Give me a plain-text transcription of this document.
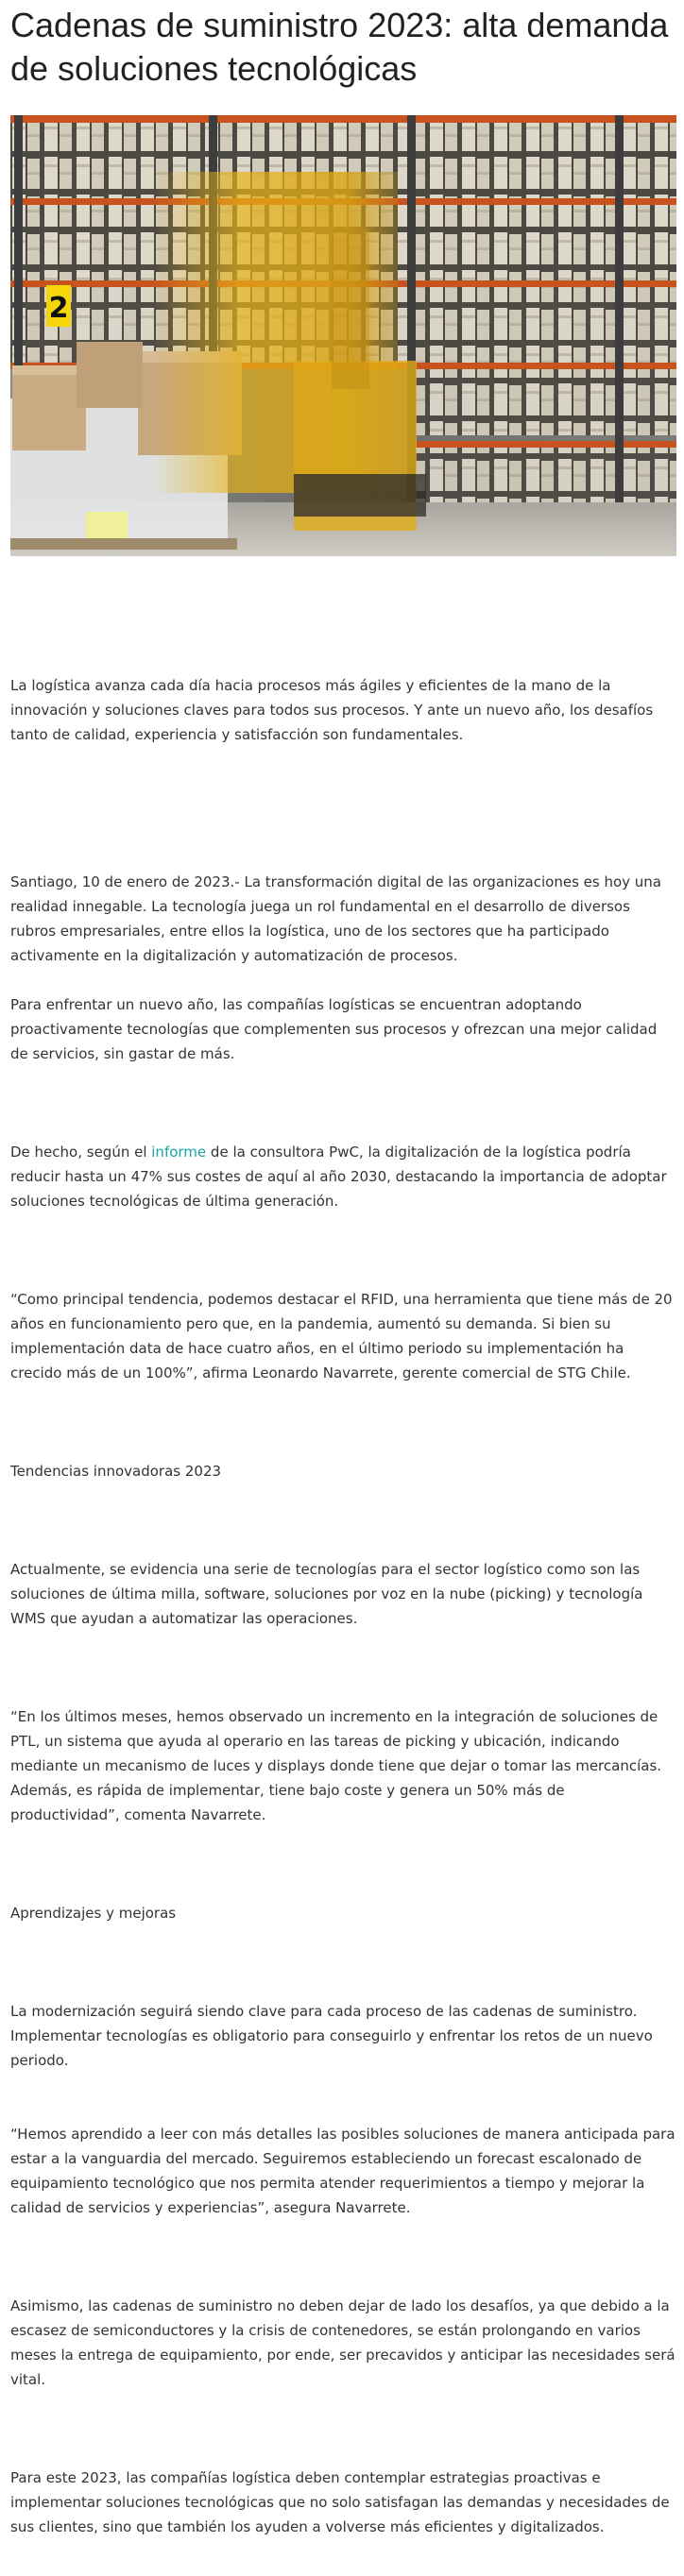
Cadenas de suministro 2023: alta demanda de soluciones tecnológicas
2

La logística avanza cada día hacia procesos más ágiles y eficientes de la mano de la innovación y soluciones claves para todos sus procesos. Y ante un nuevo año, los desafíos tanto de calidad, experiencia y satisfacción son fundamentales.

Santiago, 10 de enero de 2023.- La transformación digital de las organizaciones es hoy una realidad innegable. La tecnología juega un rol fundamental en el desarrollo de diversos rubros empresariales, entre ellos la logística, uno de los sectores que ha participado activamente en la digitalización y automatización de procesos.

Para enfrentar un nuevo año, las compañías logísticas se encuentran adoptando proactivamente tecnologías que complementen sus procesos y ofrezcan una mejor calidad de servicios, sin gastar de más.

De hecho, según el informe de la consultora PwC, la digitalización de la logística podría reducir hasta un 47% sus costes de aquí al año 2030, destacando la importancia de adoptar soluciones tecnológicas de última generación.

“Como principal tendencia, podemos destacar el RFID, una herramienta que tiene más de 20 años en funcionamiento pero que, en la pandemia, aumentó su demanda. Si bien su implementación data de hace cuatro años, en el último periodo su implementación ha crecido más de un 100%”, afirma Leonardo Navarrete, gerente comercial de STG Chile.

Tendencias innovadoras 2023

Actualmente, se evidencia una serie de tecnologías para el sector logístico como son las soluciones de última milla, software, soluciones por voz en la nube (picking) y tecnología WMS que ayudan a automatizar las operaciones.

“En los últimos meses, hemos observado un incremento en la integración de soluciones de PTL, un sistema que ayuda al operario en las tareas de picking y ubicación, indicando mediante un mecanismo de luces y displays donde tiene que dejar o tomar las mercancías. Además, es rápida de implementar, tiene bajo coste y genera un 50% más de productividad”, comenta Navarrete.

Aprendizajes y mejoras

La modernización seguirá siendo clave para cada proceso de las cadenas de suministro. Implementar tecnologías es obligatorio para conseguirlo y enfrentar los retos de un nuevo periodo.

“Hemos aprendido a leer con más detalles las posibles soluciones de manera anticipada para estar a la vanguardia del mercado. Seguiremos estableciendo un forecast escalonado de equipamiento tecnológico que nos permita atender requerimientos a tiempo y mejorar la calidad de servicios y experiencias”, asegura Navarrete.

Asimismo, las cadenas de suministro no deben dejar de lado los desafíos, ya que debido a la escasez de semiconductores y la crisis de contenedores, se están prolongando en varios meses la entrega de equipamiento, por ende, ser precavidos y anticipar las necesidades será vital.

Para este 2023, las compañías logística deben contemplar estrategias proactivas e implementar soluciones tecnológicas que no solo satisfagan las demandas y necesidades de sus clientes, sino que también los ayuden a volverse más eficientes y digitalizados.
